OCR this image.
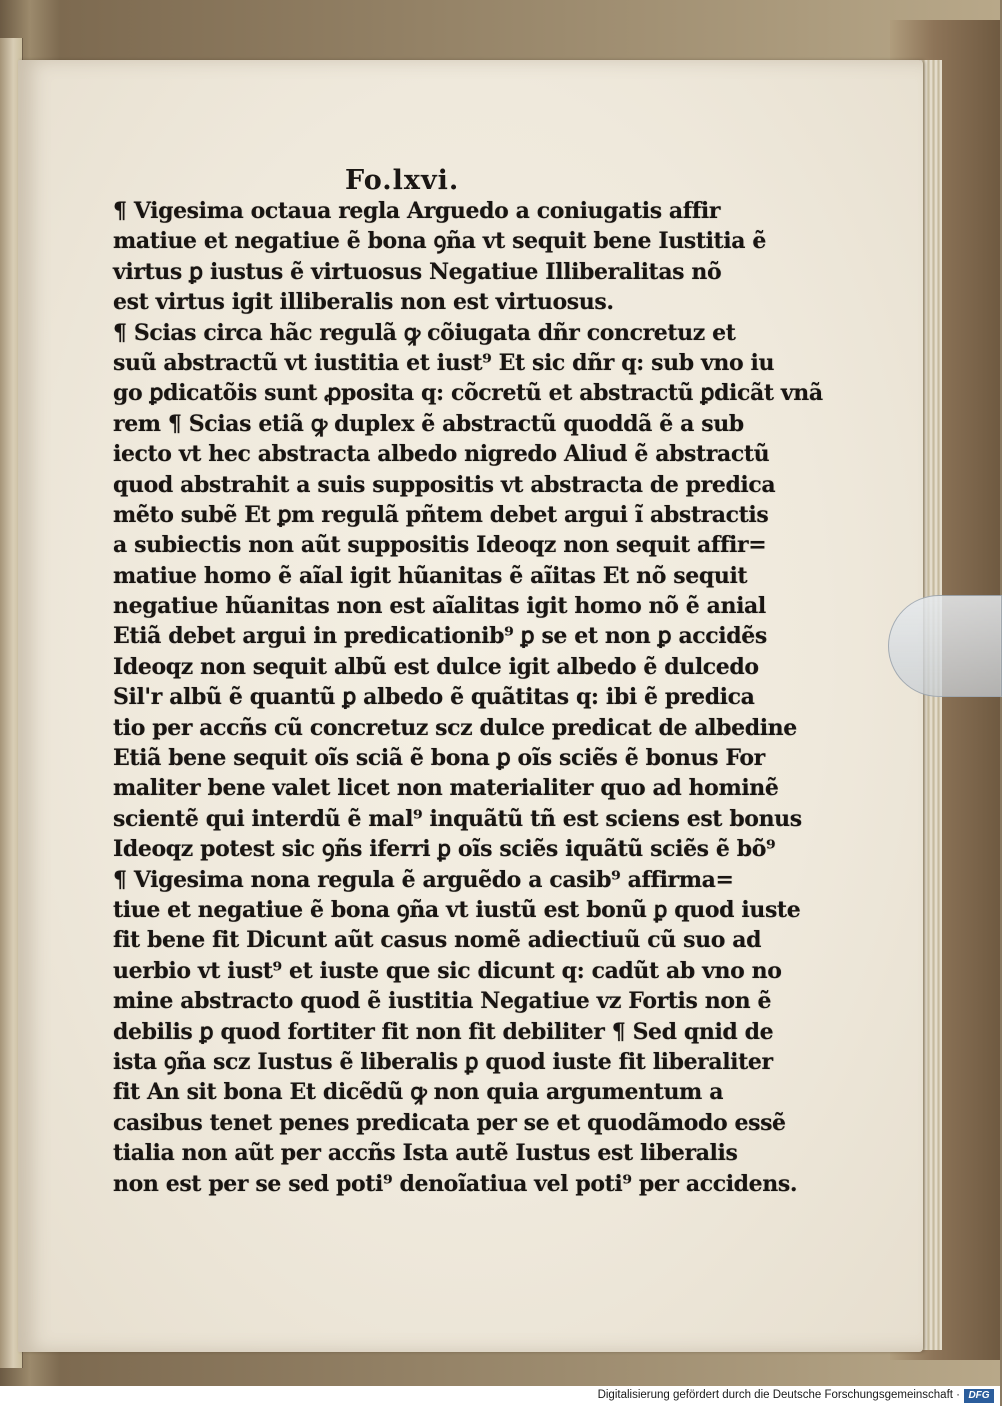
Fo.lxvi.
¶ Vigesima octaua regla Arguedo a coniugatis affir
matiue et negatiue ẽ bona ꝯña vt sequit bene Iustitia ẽ
virtus ꝑ iustus ẽ virtuosus Negatiue Illiberalitas nõ
est virtus igit illiberalis non est virtuosus.
¶ Scias circa hãc regulã ꝙ cõiugata dñr concretuz et
suũ abstractũ vt iustitia et iust⁹ Et sic dñr q: sub vno iu
go ꝑdicatõis sunt ꝓposita q: cõcretũ et abstractũ ꝑdicãt vnã
rem ¶ Scias etiã ꝙ duplex ẽ abstractũ quoddã ẽ a sub
iecto vt hec abstracta albedo nigredo Aliud ẽ abstractũ
quod abstrahit a suis suppositis vt abstracta de predica
mẽto subẽ Et ꝑm regulã pñtem debet argui ĩ abstractis
a subiectis non aũt suppositis Ideoqz non sequit affir=
matiue homo ẽ aĩal igit hũanitas ẽ aĩitas Et nõ sequit
negatiue hũanitas non est aĩalitas igit homo nõ ẽ anial
Etiã debet argui in predicationib⁹ ꝑ se et non ꝑ accidẽs
Ideoqz non sequit albũ est dulce igit albedo ẽ dulcedo
Sil'r albũ ẽ quantũ ꝑ albedo ẽ quãtitas q: ibi ẽ predica
tio per accñs cũ concretuz scz dulce predicat de albedine
Etiã bene sequit oĩs sciã ẽ bona ꝑ oĩs sciẽs ẽ bonus For
maliter bene valet licet non materialiter quo ad hominẽ
scientẽ qui interdũ ẽ mal⁹ inquãtũ tñ est sciens est bonus
Ideoqz potest sic ꝯñs iferri ꝑ oĩs sciẽs iquãtũ sciẽs ẽ bõ⁹
¶ Vigesima nona regula ẽ arguẽdo a casib⁹ affirma=
tiue et negatiue ẽ bona ꝯña vt iustũ est bonũ ꝑ quod iuste
fit bene fit Dicunt aũt casus nomẽ adiectiuũ cũ suo ad
uerbio vt iust⁹ et iuste que sic dicunt q: cadũt ab vno no
mine abstracto quod ẽ iustitia Negatiue vz Fortis non ẽ
debilis ꝑ quod fortiter fit non fit debiliter ¶ Sed qnid de
ista ꝯña scz Iustus ẽ liberalis ꝑ quod iuste fit liberaliter
fit An sit bona Et dicẽdũ ꝙ non quia argumentum a
casibus tenet penes predicata per se et quodãmodo essẽ
tialia non aũt per accñs Ista autẽ Iustus est liberalis
non est per se sed poti⁹ denoĩatiua vel poti⁹ per accidens.
Digitalisierung gefördert durch die Deutsche Forschungsgemeinschaft · DFG
